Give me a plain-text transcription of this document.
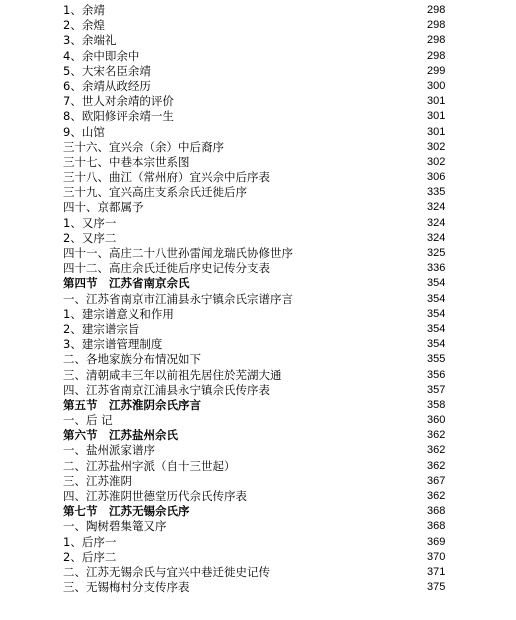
1、余靖	298
2、余煌	298
3、余端礼	298
4、余中即余中	298
5、大宋名臣余靖	299
6、余靖从政经历	300
7、世人对余靖的评价	301
8、欧阳修评余靖一生	301
9、山馆	301
三十六、宜兴佘（余）中后裔序	302
三十七、中巷本宗世系图	302
三十八、曲江（常州府）宜兴佘中后序表	306
三十九、宜兴高庄支系佘氏迁徙后序	335
四十、京都属予	324
1、又序一	324
2、又序二	324
四十一、高庄二十八世孙雷闻龙瑞氏协修世序	325
四十二、高庄佘氏迁徙后序史记传分支表	336
第四节　江苏省南京佘氏	354
一、江苏省南京市江浦县永宁镇佘氏宗谱序言	354
1、建宗谱意义和作用	354
2、建宗谱宗旨	354
3、建宗谱管理制度	354
二、各地家族分布情况如下	355
三、清朝咸丰三年以前祖先居住於芜湖大通	356
四、江苏省南京江浦县永宁镇佘氏传序表	357
第五节　江苏淮阴佘氏序言	358
一、后 记	360
第六节　江苏盐州佘氏	362
一、盐州派家谱序	362
二、江苏盐州字派（自十三世起）	362
三、江苏淮阴	367
四、江苏淮阴世德堂历代佘氏传序表	362
第七节　江苏无锡佘氏序	368
一、陶树碧集篭又序	368
1、后序一	369
2、后序二	370
二、江苏无锡佘氏与宜兴中巷迁徙史记传	371
三、无锡梅村分支传序表	375
